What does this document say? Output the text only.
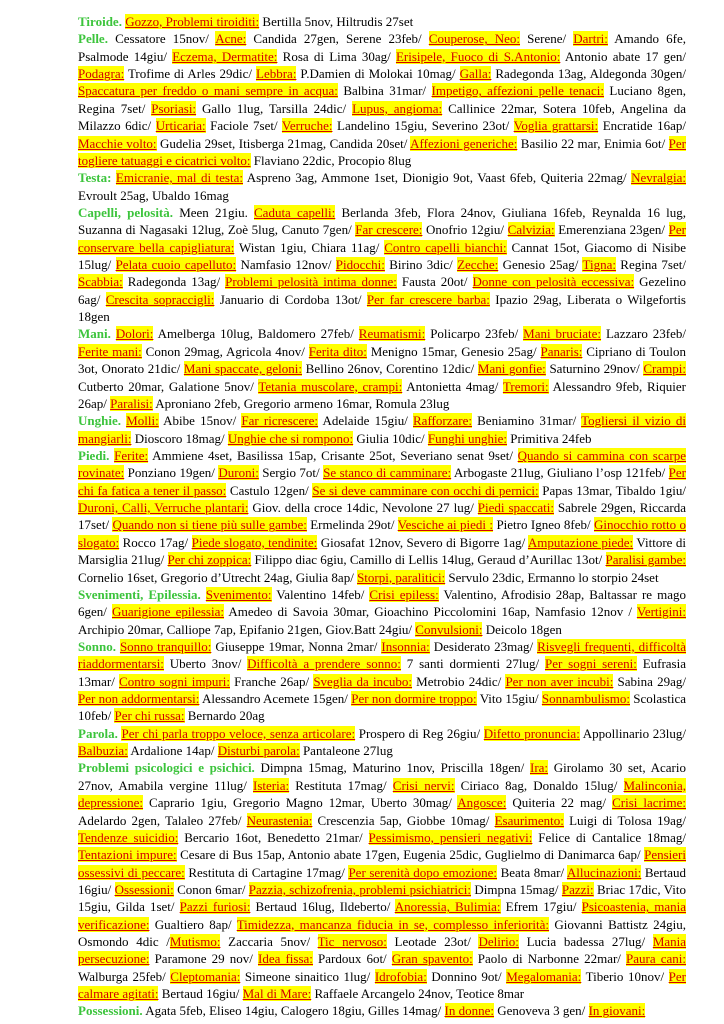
Tiroide. Gozzo, Problemi tiroiditi: Bertilla 5nov, Hiltrudis 27set

Pelle. Cessatore 15nov/ Acne: Candida 27gen, Serene 23feb/ Couperose, Neo: Serene/ Dartri: Amando 6fe, Psalmode 14giu/ Eczema, Dermatite: Rosa di Lima 30ag/ Erisipele, Fuoco di S.Antonio: Antonio abate 17 gen/ Podagra: Trofime di Arles 29dic/ Lebbra: P.Damien di Molokai 10mag/ Galla: Radegonda 13ag, Aldegonda 30gen/ Spaccatura per freddo o mani sempre in acqua: Balbina 31mar/ Impetigo, affezioni pelle tenaci: Luciano 8gen, Regina 7set/ Psoriasi: Gallo 1lug, Tarsilla 24dic/ Lupus, angioma: Callinice 22mar, Sotera 10feb, Angelina da Milazzo 6dic/ Urticaria: Faciole 7set/ Verruche: Landelino 15giu, Severino 23ot/ Voglia grattarsi: Encratide 16ap/ Macchie volto: Gudelia 29set, Itisberga 21mag, Candida 20set/ Affezioni generiche: Basilio 22 mar, Enimia 6ot/ Per togliere tatuaggi e cicatrici volto: Flaviano 22dic, Procopio 8lug

Testa: Emicranie, mal di testa: Aspreno 3ag, Ammone 1set, Dionigio 9ot, Vaast 6feb, Quiteria 22mag/ Nevralgia: Evroult 25ag, Ubaldo 16mag

Capelli, pelosità. Meen 21giu. Caduta capelli: Berlanda 3feb, Flora 24nov, Giuliana 16feb, Reynalda 16 lug, Suzanna di Nagasaki 12lug, Zoè 5lug, Canuto 7gen/ Far crescere: Onofrio 12giu/ Calvizia: Emerenziana 23gen/ Per conservare bella capigliatura: Wistan 1giu, Chiara 11ag/ Contro capelli bianchi: Cannat 15ot, Giacomo di Nisibe 15lug/ Pelata cuoio capelluto: Namfasio 12nov/ Pidocchi: Birino 3dic/ Zecche: Genesio 25ag/ Tigna: Regina 7set/ Scabbia: Radegonda 13ag/ Problemi pelosità intima donne: Fausta 20ot/ Donne con pelosità eccessiva: Gezelino 6ag/ Crescita sopraccigli: Januario di Cordoba 13ot/ Per far crescere barba: Ipazio 29ag, Liberata o Wilgefortis 18gen

Mani. Dolori: Amelberga 10lug, Baldomero 27feb/ Reumatismi: Policarpo 23feb/ Mani bruciate: Lazzaro 23feb/ Ferite mani: Conon 29mag, Agricola 4nov/ Ferita dito: Menigno 15mar, Genesio 25ag/ Panaris: Cipriano di Toulon 3ot, Onorato 21dic/ Mani spaccate, geloni: Bellino 26nov, Corentino 12dic/ Mani gonfie: Saturnino 29nov/ Crampi: Cutberto 20mar, Galatione 5nov/ Tetania muscolare, crampi: Antonietta 4mag/ Tremori: Alessandro 9feb, Riquier 26ap/ Paralisi: Aproniano 2feb, Gregorio armeno 16mar, Romula 23lug

Unghie. Molli: Abibe 15nov/ Far ricrescere: Adelaide 15giu/ Rafforzare: Beniamino 31mar/ Togliersi il vizio di mangiarli: Dioscoro 18mag/ Unghie che si rompono: Giulia 10dic/ Funghi unghie: Primitiva 24feb

Piedi. Ferite: Ammiene 4set, Basilissa 15ap, Crisante 25ot, Severiano senat 9set/ Quando si cammina con scarpe rovinate: Ponziano 19gen/ Duroni: Sergio 7ot/ Se stanco di camminare: Arbogaste 21lug, Giuliano l’osp 121feb/ Per chi fa fatica a tener il passo: Castulo 12gen/ Se si deve camminare con occhi di pernici: Papas 13mar, Tibaldo 1giu/ Duroni, Calli, Verruche plantari: Giov. della croce 14dic, Nevolone 27 lug/ Piedi spaccati: Sabrele 29gen, Riccarda 17set/ Quando non si tiene più sulle gambe: Ermelinda 29ot/ Vesciche ai piedi : Pietro Igneo 8feb/ Ginocchio rotto o slogato: Rocco 17ag/ Piede slogato, tendinite: Giosafat 12nov, Severo di Bigorre 1ag/ Amputazione piede: Vittore di Marsiglia 21lug/ Per chi zoppica: Filippo diac 6giu, Camillo di Lellis 14lug, Geraud d’Aurillac 13ot/ Paralisi gambe: Cornelio 16set, Gregorio d’Utrecht 24ag, Giulia 8ap/ Storpi, paralitici: Servulo 23dic, Ermanno lo storpio 24set

Svenimenti, Epilessia. Svenimento: Valentino 14feb/ Crisi epiless: Valentino, Afrodisio 28ap, Baltassar re mago 6gen/ Guarigione epilessia: Amedeo di Savoia 30mar, Gioachino Piccolomini 16ap, Namfasio 12nov / Vertigini: Archipio 20mar, Calliope 7ap, Epifanio 21gen, Giov.Batt 24giu/ Convulsioni: Deicolo 18gen

Sonno. Sonno tranquillo: Giuseppe 19mar, Nonna 2mar/ Insonnia: Desiderato 23mag/ Risvegli frequenti, difficoltà riaddormentarsi: Uberto 3nov/ Difficoltà a prendere sonno: 7 santi dormienti 27lug/ Per sogni sereni: Eufrasia 13mar/ Contro sogni impuri: Franche 26ap/ Sveglia da incubo: Metrobio 24dic/ Per non aver incubi: Sabina 29ag/ Per non addormentarsi: Alessandro Acemete 15gen/ Per non dormire troppo: Vito 15giu/ Sonnambulismo: Scolastica 10feb/ Per chi russa: Bernardo 20ag

Parola. Per chi parla troppo veloce, senza articolare: Prospero di Reg 26giu/ Difetto pronuncia: Appollinario 23lug/ Balbuzia: Ardalione 14ap/ Disturbi parola: Pantaleone 27lug

Problemi psicologici e psichici. Dimpna 15mag, Maturino 1nov, Priscilla 18gen/ Ira: Girolamo 30 set, Acario 27nov, Amabila vergine 11lug/ Isteria: Restituta 17mag/ Crisi nervi: Ciriaco 8ag, Donaldo 15lug/ Malinconia, depressione: Caprario 1giu, Gregorio Magno 12mar, Uberto 30mag/ Angosce: Quiteria 22 mag/ Crisi lacrime: Adelardo 2gen, Talaleo 27feb/ Neurastenia: Crescenzia 5ap, Giobbe 10mag/ Esaurimento: Luigi di Tolosa 19ag/ Tendenze suicidio: Bercario 16ot, Benedetto 21mar/ Pessimismo, pensieri negativi: Felice di Cantalice 18mag/ Tentazioni impure: Cesare di Bus 15ap, Antonio abate 17gen, Eugenia 25dic, Guglielmo di Danimarca 6ap/ Pensieri ossessivi di peccare: Restituta di Cartagine 17mag/ Per serenità dopo emozione: Beata 8mar/ Allucinazioni: Bertaud 16giu/ Ossessioni: Conon 6mar/ Pazzia, schizofrenia, problemi psichiatrici: Dimpna 15mag/ Pazzi: Briac 17dic, Vito 15giu, Gilda 1set/ Pazzi furiosi: Bertaud 16lug, Ildeberto/ Anoressia, Bulimia: Efrem 17giu/ Psicoastenia, mania verificazione: Gualtiero 8ap/ Timidezza, mancanza fiducia in se, complesso inferiorità: Giovanni Battistz 24giu, Osmondo 4dic /Mutismo: Zaccaria 5nov/ Tic nervoso: Leotade 23ot/ Delirio: Lucia badessa 27lug/ Mania persecuzione: Paramone 29 nov/ Idea fissa: Pardoux 6ot/ Gran spavento: Paolo di Narbonne 22mar/ Paura cani: Walburga 25feb/ Cleptomania: Simeone sinaitico 1lug/ Idrofobia: Donnino 9ot/ Megalomania: Tiberio 10nov/ Per calmare agitati: Bertaud 16giu/ Mal di Mare: Raffaele Arcangelo 24nov, Teotice 8mar

Possessioni. Agata 5feb, Eliseo 14giu, Calogero 18giu, Gilles 14mag/ In donne: Genoveva 3 gen/ In giovani:
